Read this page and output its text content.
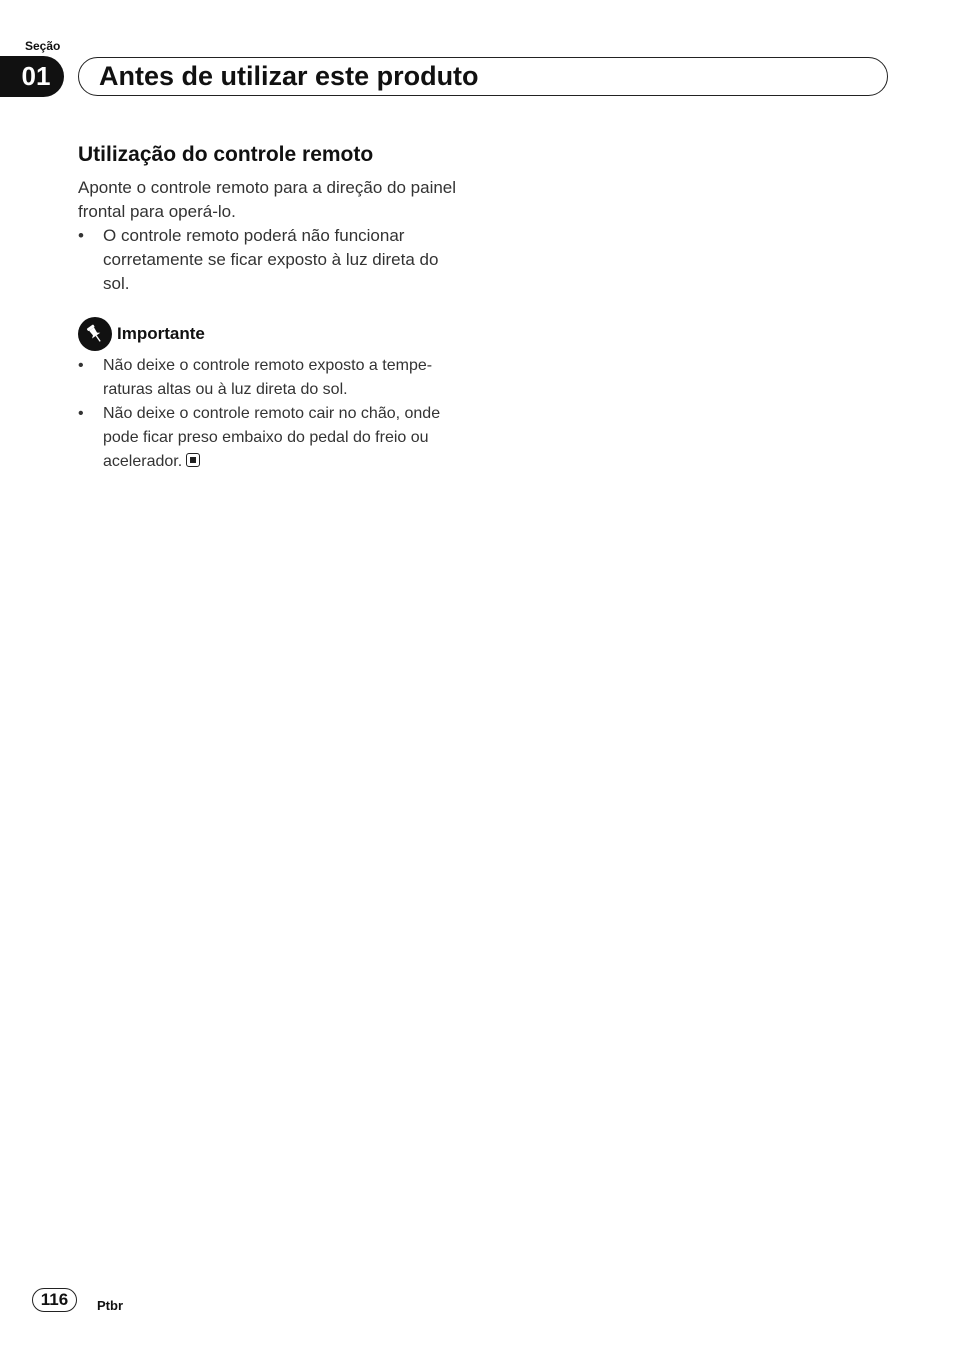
Seção
01	Antes de utilizar este produto
Utilização do controle remoto
Aponte o controle remoto para a direção do painel frontal para operá-lo.
• O controle remoto poderá não funcionar corretamente se ficar exposto à luz direta do sol.
Importante
• Não deixe o controle remoto exposto a tempe-raturas altas ou à luz direta do sol.
• Não deixe o controle remoto cair no chão, onde pode ficar preso embaixo do pedal do freio ou acelerador.
116	Ptbr
